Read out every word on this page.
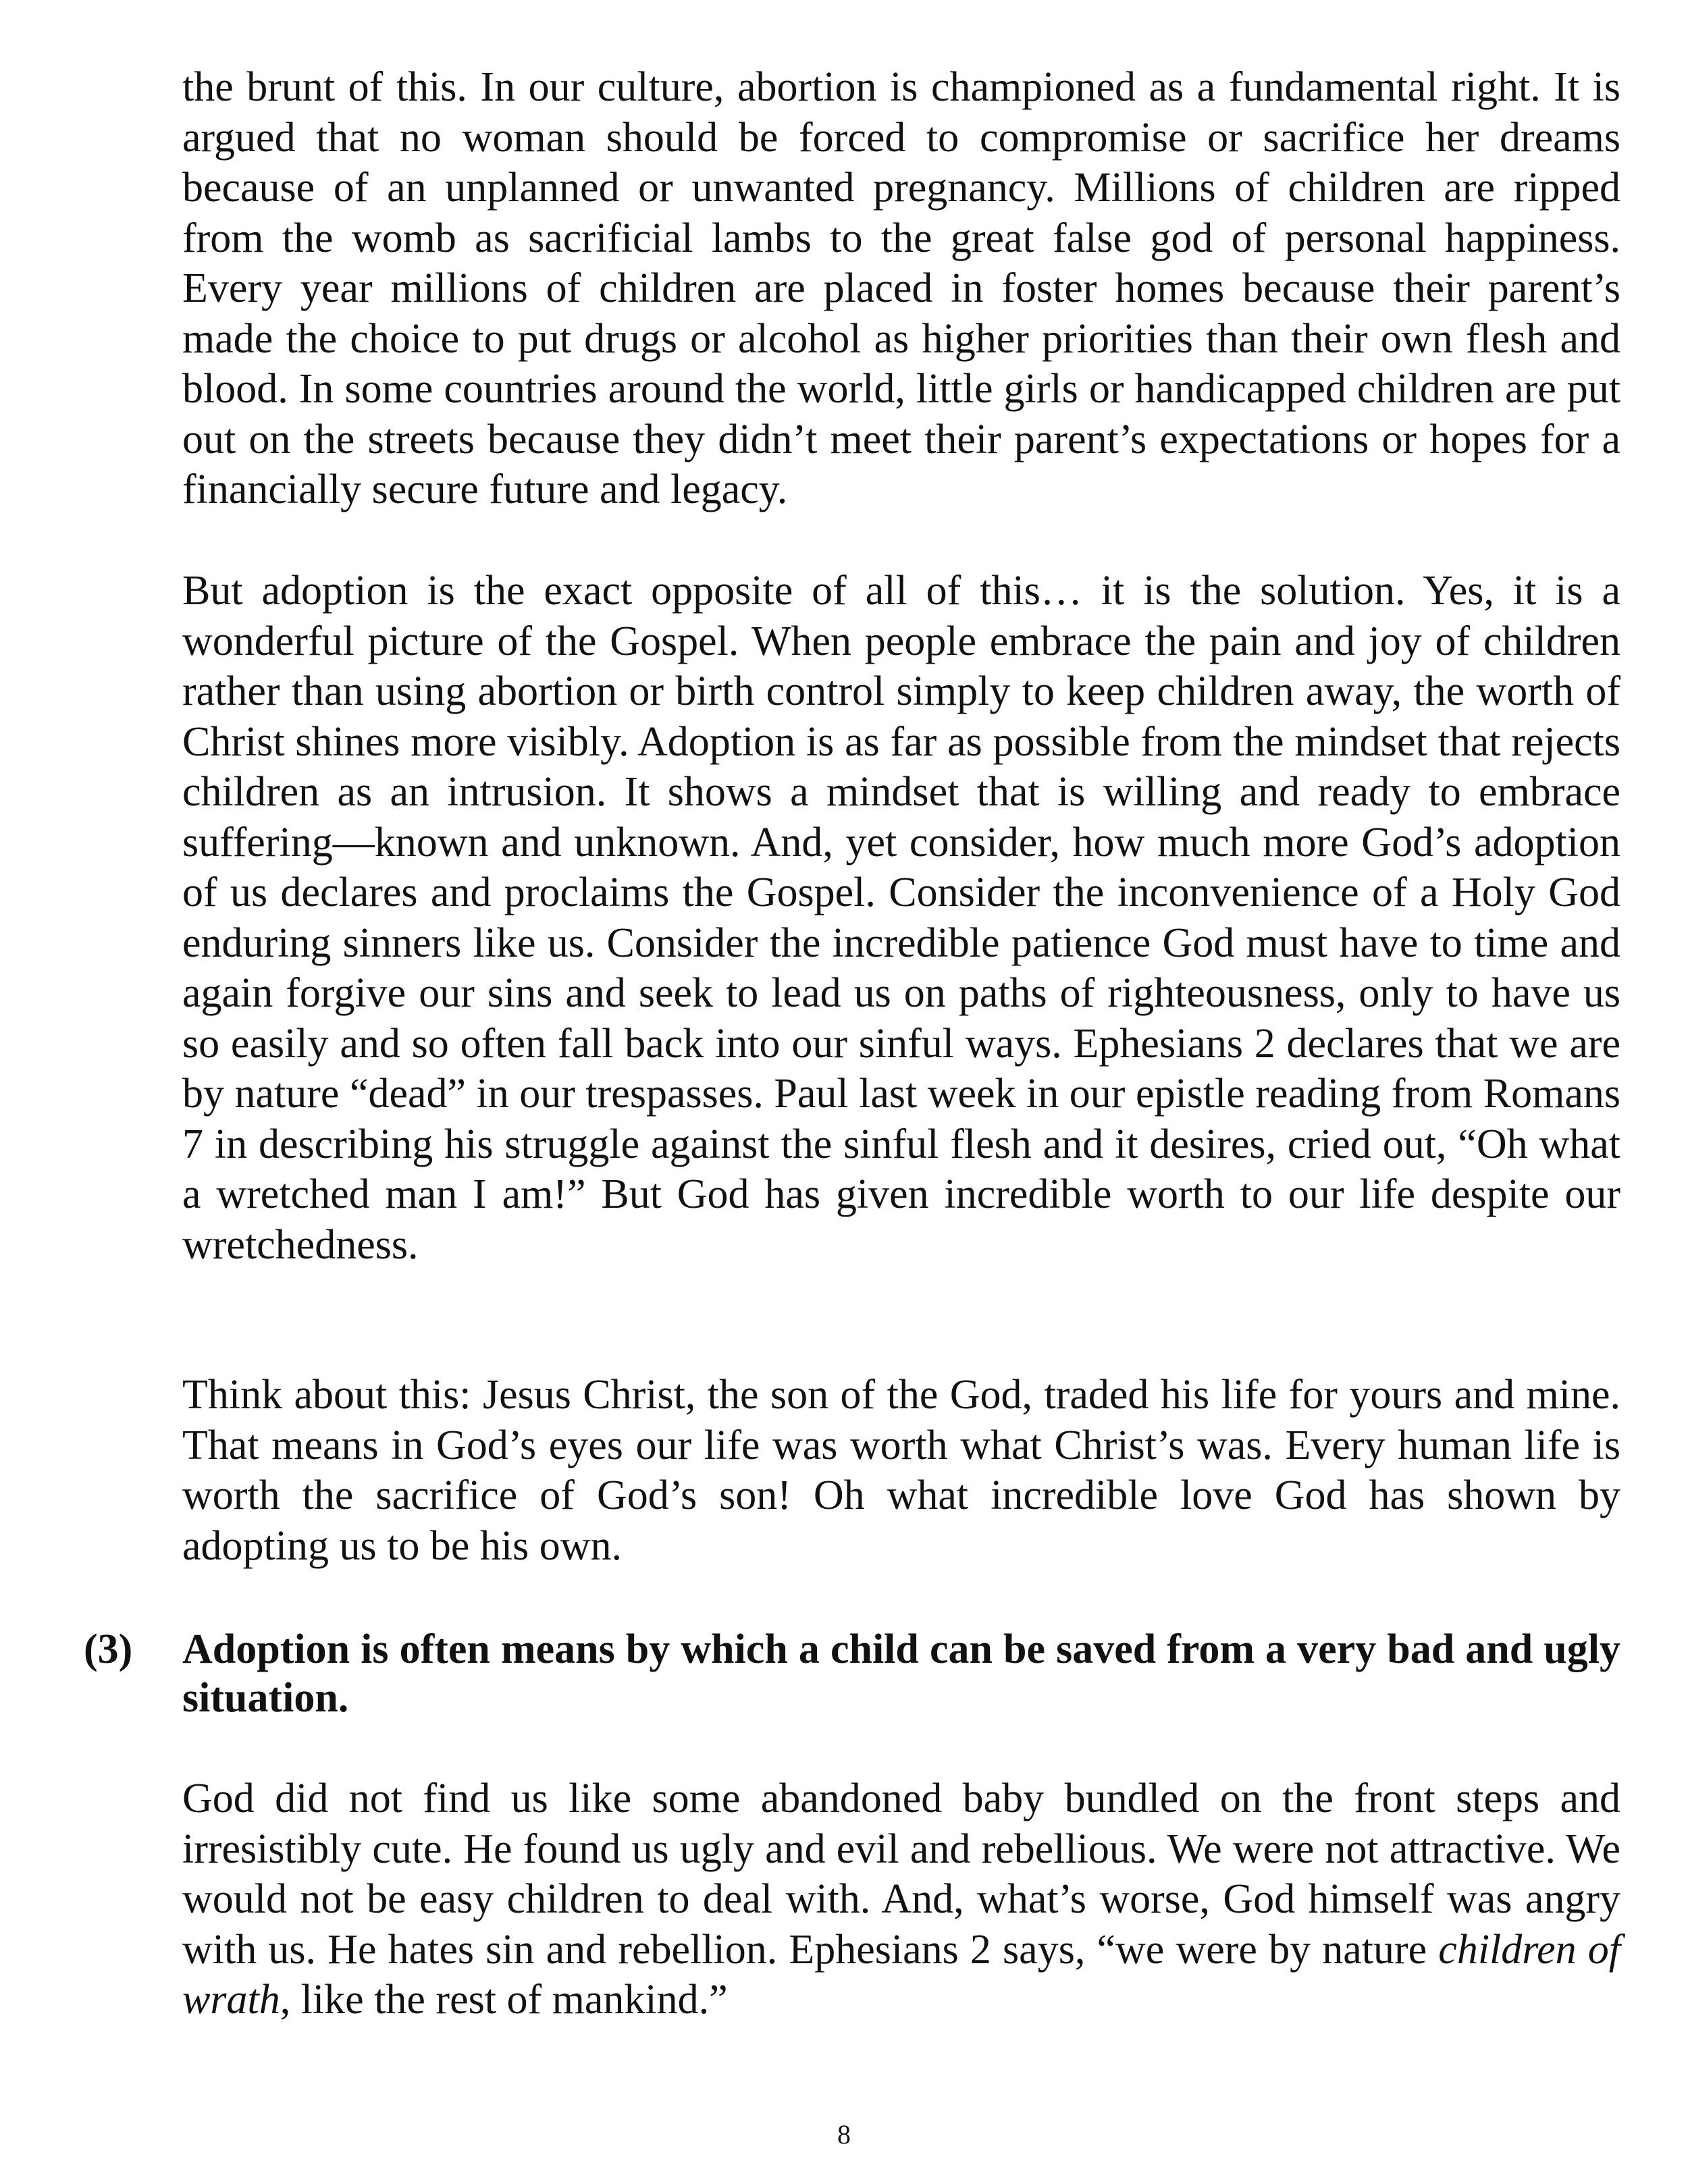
the brunt of this. In our culture, abortion is championed as a fundamental right. It is argued that no woman should be forced to compromise or sacrifice her dreams because of an unplanned or unwanted pregnancy. Millions of children are ripped from the womb as sacrificial lambs to the great false god of personal happiness. Every year millions of children are placed in foster homes because their parent’s made the choice to put drugs or alcohol as higher priorities than their own flesh and blood. In some countries around the world, little girls or handicapped children are put out on the streets because they didn’t meet their parent’s expectations or hopes for a financially secure future and legacy.

But adoption is the exact opposite of all of this… it is the solution. Yes, it is a wonderful picture of the Gospel. When people embrace the pain and joy of children rather than using abortion or birth control simply to keep children away, the worth of Christ shines more visibly. Adoption is as far as possible from the mindset that rejects children as an intrusion. It shows a mindset that is willing and ready to embrace suffering—known and unknown. And, yet consider, how much more God’s adoption of us declares and proclaims the Gospel. Consider the inconvenience of a Holy God enduring sinners like us. Consider the incredible patience God must have to time and again forgive our sins and seek to lead us on paths of righteousness, only to have us so easily and so often fall back into our sinful ways. Ephesians 2 declares that we are by nature “dead” in our trespasses. Paul last week in our epistle reading from Romans 7 in describing his struggle against the sinful flesh and it desires, cried out, “Oh what a wretched man I am!” But God has given incredible worth to our life despite our wretchedness.

Think about this: Jesus Christ, the son of the God, traded his life for yours and mine. That means in God’s eyes our life was worth what Christ’s was. Every human life is worth the sacrifice of God’s son! Oh what incredible love God has shown by adopting us to be his own.

(3) Adoption is often means by which a child can be saved from a very bad and ugly situation.

God did not find us like some abandoned baby bundled on the front steps and irresistibly cute. He found us ugly and evil and rebellious. We were not attractive. We would not be easy children to deal with. And, what’s worse, God himself was angry with us. He hates sin and rebellion. Ephesians 2 says, “we were by nature children of wrath, like the rest of mankind.”

8
